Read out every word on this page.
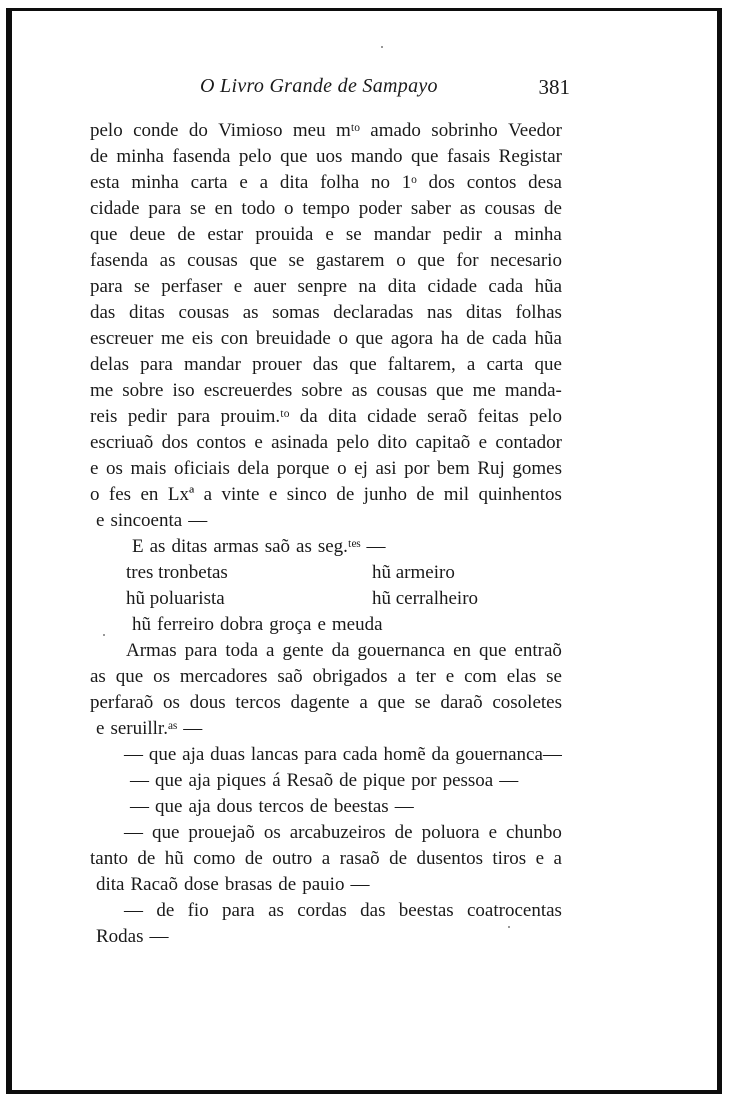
O Livro Grande de Sampayo	381
pelo conde do Vimioso meu mᵗᵒ amado sobrinho Veedor
de minha fasenda pelo que uos mando que fasais Registar
esta minha carta e a dita folha no 1ᵒ dos contos desa
cidade para se en todo o tempo poder saber as cousas de
que deue de estar prouida e se mandar pedir a minha
fasenda as cousas que se gastarem o que for necesario
para se perfaser e auer senpre na dita cidade cada hũa
das ditas cousas as somas declaradas nas ditas folhas
escreuer me eis con breuidade o que agora ha de cada hũa
delas para mandar prouer das que faltarem, a carta que
me sobre iso escreuerdes sobre as cousas que me manda-
reis pedir para prouim.ᵗᵒ da dita cidade seraõ feitas pelo
escriuaõ dos contos e asinada pelo dito capitaõ e contador
e os mais oficiais dela porque o ej asi por bem Ruj gomes
o fes en Lxª a vinte e sinco de junho de mil quinhentos
e sincoenta —
E as ditas armas saõ as seg.ᵗᵉˢ —
tres tronbetas	hũ armeiro
hũ poluarista	hũ cerralheiro
hũ ferreiro dobra groça e meuda
Armas para toda a gente da gouernanca en que entraõ
as que os mercadores saõ obrigados a ter e com elas se
perfaraõ os dous tercos dagente a que se daraõ cosoletes
e seruillr.ᵃˢ —
— que aja duas lancas para cada homẽ da gouernanca—
— que aja piques á Resaõ de pique por pessoa —
— que aja dous tercos de beestas —
— que prouejaõ os arcabuzeiros de poluora e chunbo
tanto de hũ como de outro a rasaõ de dusentos tiros e a
dita Racaõ dose brasas de pauio —
— de fio para as cordas das beestas coatrocentas
Rodas —
